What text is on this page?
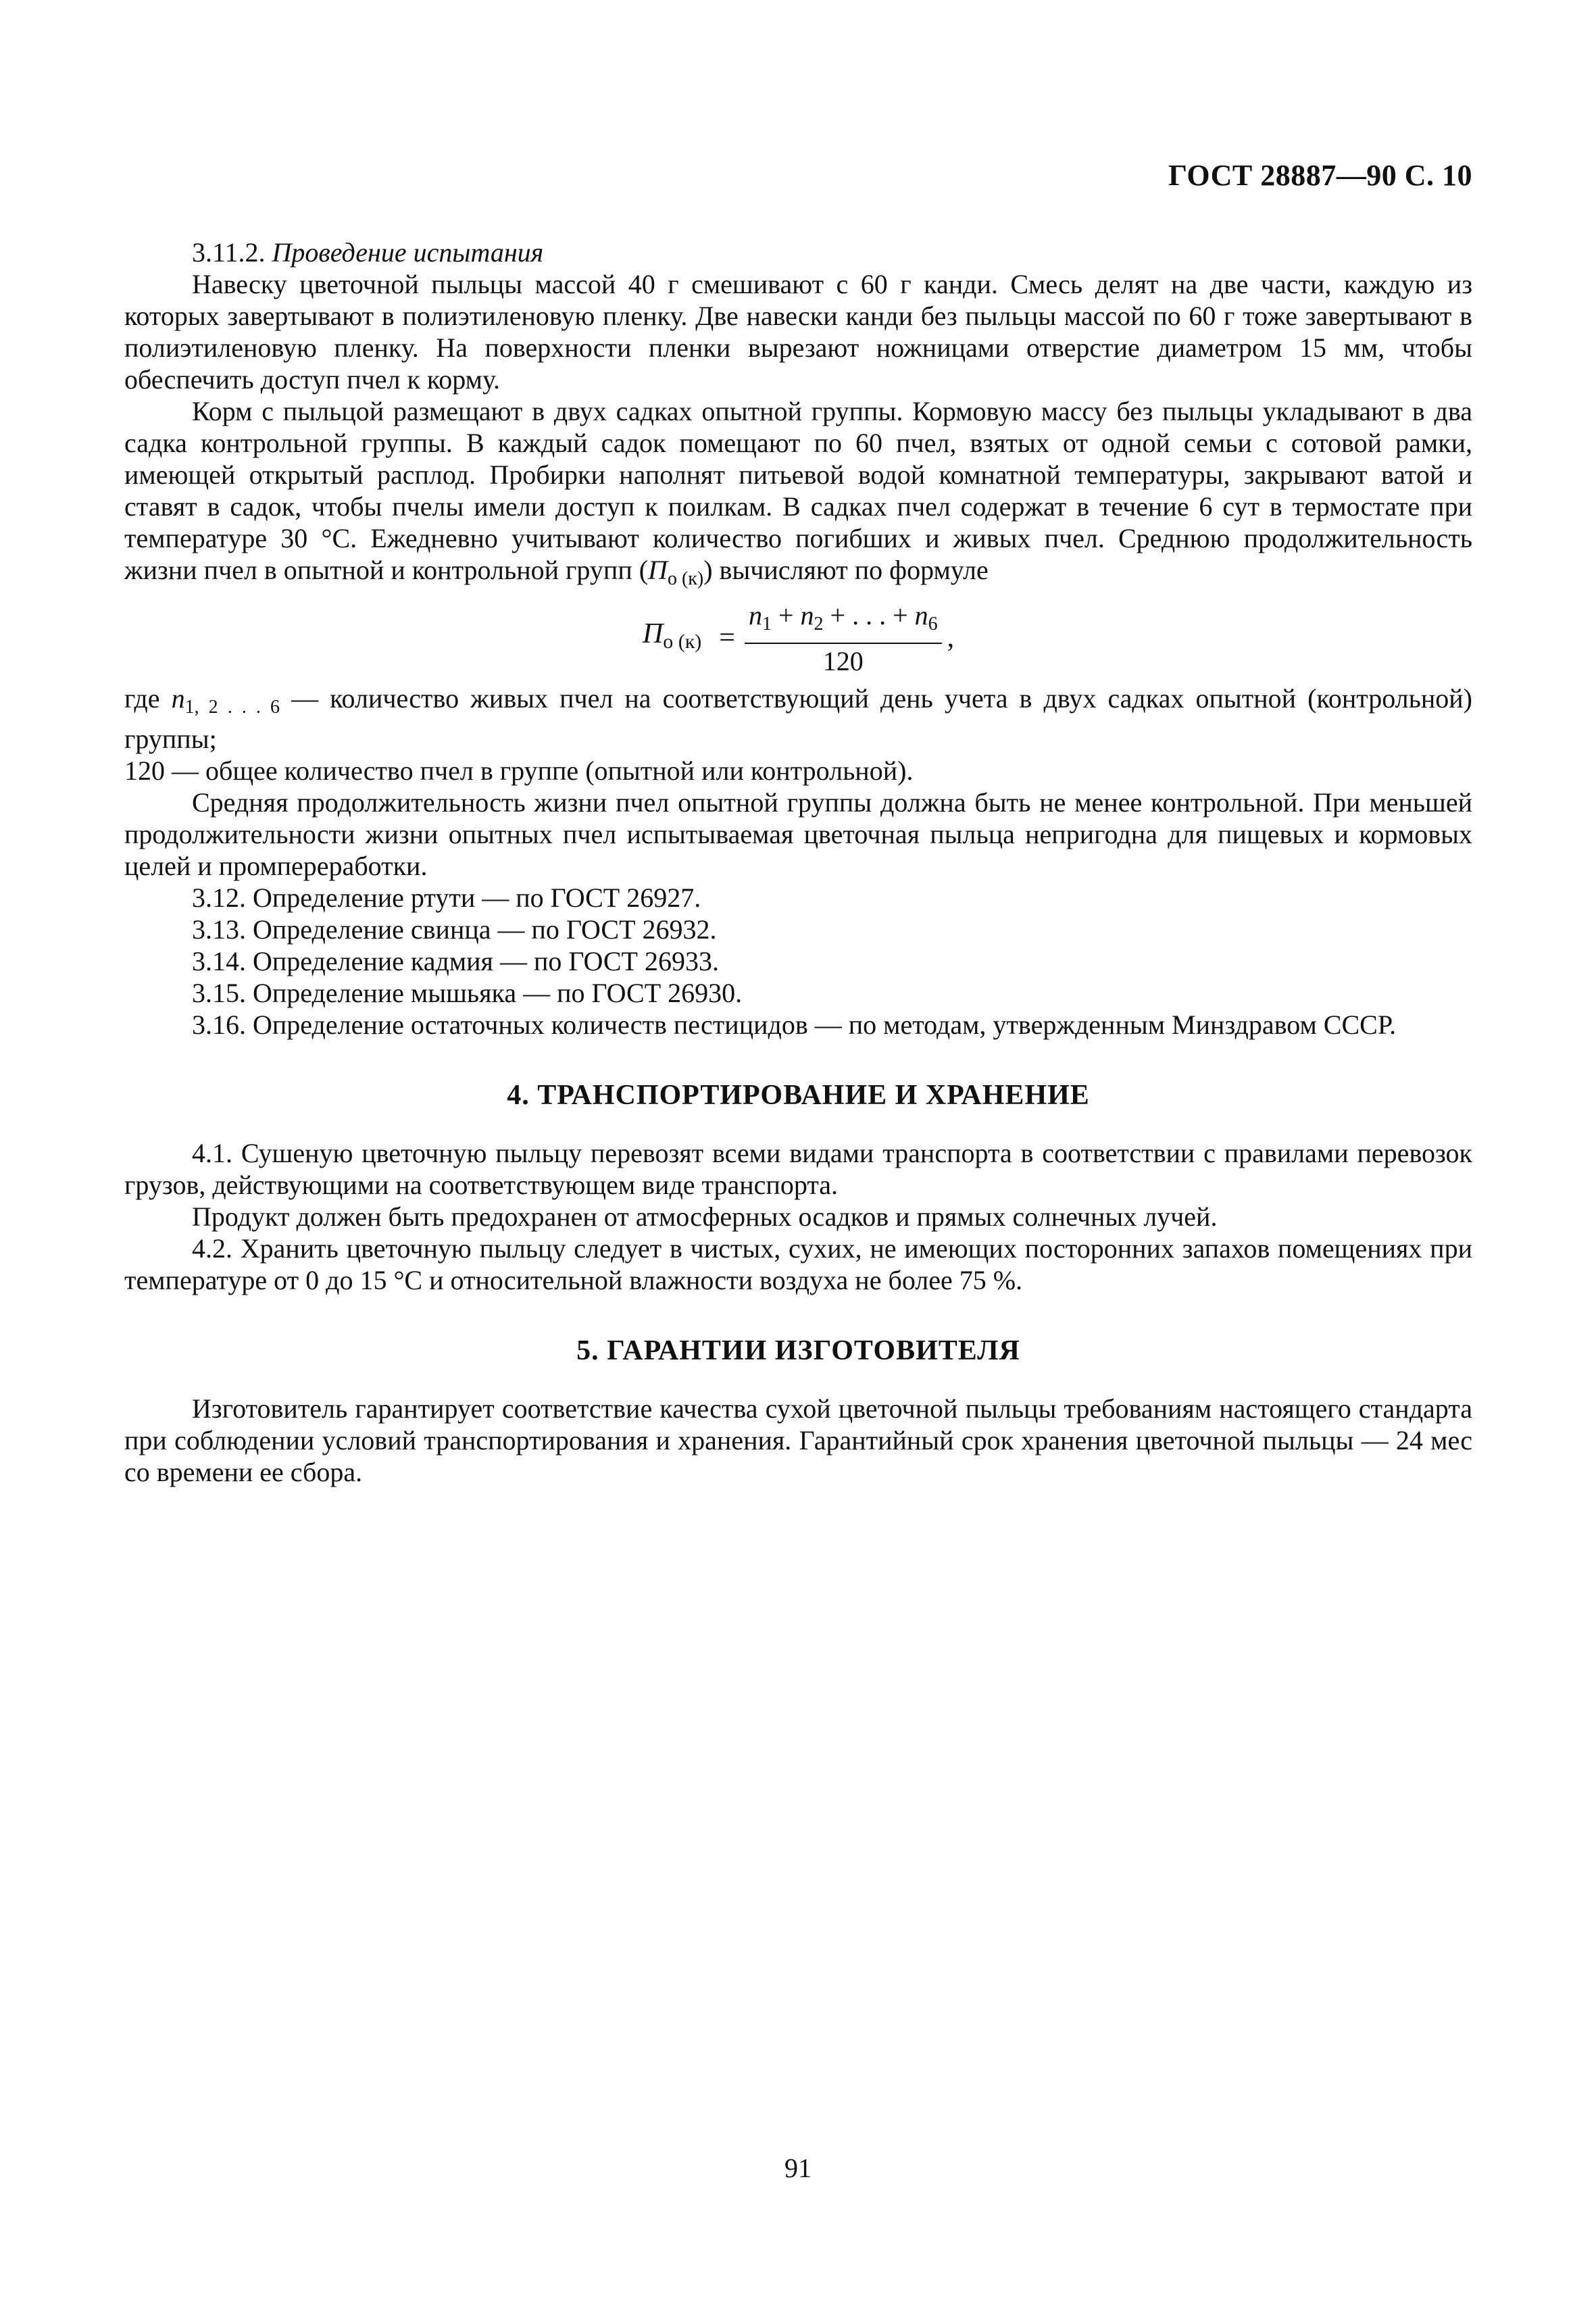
ГОСТ 28887—90 С. 10

3.11.2. Проведение испытания

Навеску цветочной пыльцы массой 40 г смешивают с 60 г канди. Смесь делят на две части, каждую из которых завертывают в полиэтиленовую пленку. Две навески канди без пыльцы массой по 60 г тоже завертывают в полиэтиленовую пленку. На поверхности пленки вырезают ножницами отверстие диаметром 15 мм, чтобы обеспечить доступ пчел к корму.

Корм с пыльцой размещают в двух садках опытной группы. Кормовую массу без пыльцы укладывают в два садка контрольной группы. В каждый садок помещают по 60 пчел, взятых от одной семьи с сотовой рамки, имеющей открытый расплод. Пробирки наполнят питьевой водой комнатной температуры, закрывают ватой и ставят в садок, чтобы пчелы имели доступ к поилкам. В садках пчел содержат в течение 6 сут в термостате при температуре 30 °С. Ежедневно учитывают количество погибших и живых пчел. Среднюю продолжительность жизни пчел в опытной и контрольной групп $(П_{о (к)})$ вычисляют по формуле

$П_{о (к)} = \frac{n_1 + n_2 + . . . + n_6}{120}$ ,

где $n_{1, 2 . . . 6}$ — количество живых пчел на соответствующий день учета в двух садках опытной (контрольной) группы;

120 — общее количество пчел в группе (опытной или контрольной).

Средняя продолжительность жизни пчел опытной группы должна быть не менее контрольной. При меньшей продолжительности жизни опытных пчел испытываемая цветочная пыльца непригодна для пищевых и кормовых целей и промпереработки.

3.12. Определение ртути — по ГОСТ 26927.

3.13. Определение свинца — по ГОСТ 26932.

3.14. Определение кадмия — по ГОСТ 26933.

3.15. Определение мышьяка — по ГОСТ 26930.

3.16. Определение остаточных количеств пестицидов — по методам, утвержденным Минздравом СССР.

4. ТРАНСПОРТИРОВАНИЕ И ХРАНЕНИЕ

4.1. Сушеную цветочную пыльцу перевозят всеми видами транспорта в соответствии с правилами перевозок грузов, действующими на соответствующем виде транспорта.

Продукт должен быть предохранен от атмосферных осадков и прямых солнечных лучей.

4.2. Хранить цветочную пыльцу следует в чистых, сухих, не имеющих посторонних запахов помещениях при температуре от 0 до 15 °С и относительной влажности воздуха не более 75 %.

5. ГАРАНТИИ ИЗГОТОВИТЕЛЯ

Изготовитель гарантирует соответствие качества сухой цветочной пыльцы требованиям настоящего стандарта при соблюдении условий транспортирования и хранения. Гарантийный срок хранения цветочной пыльцы — 24 мес со времени ее сбора.

91
